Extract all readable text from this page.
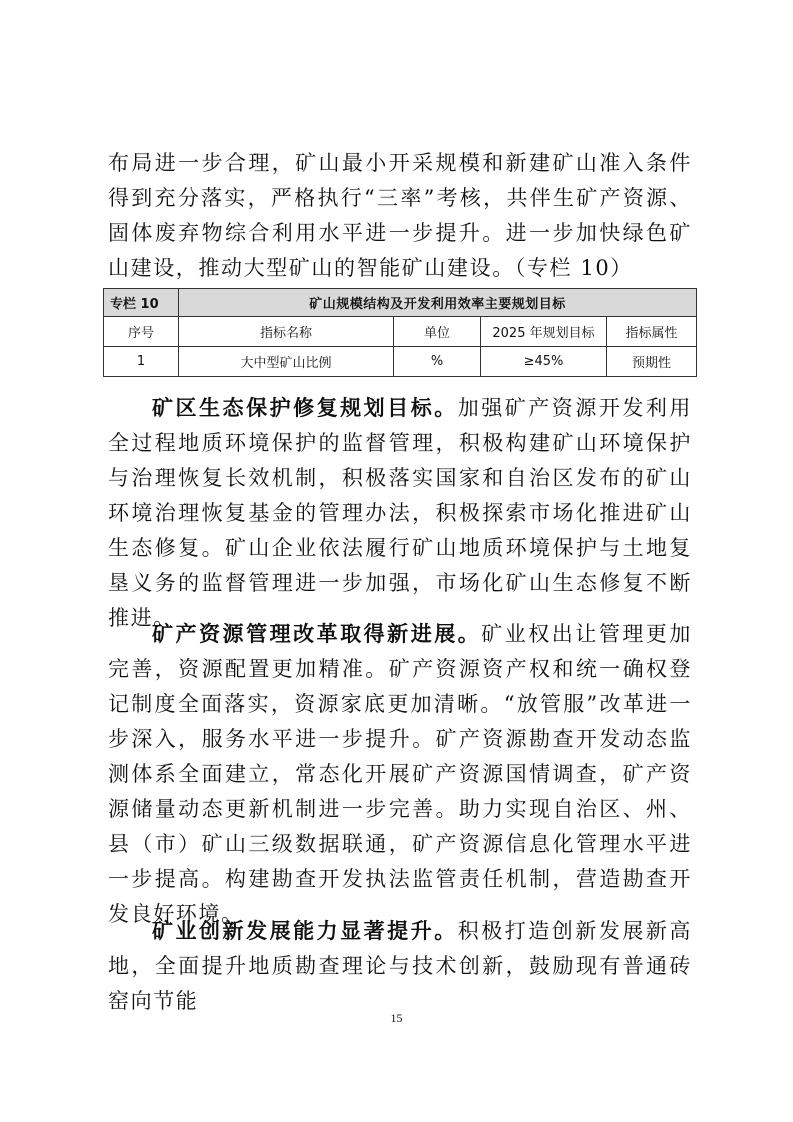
布局进一步合理，矿山最小开采规模和新建矿山准入条件得到充分落实，严格执行“三率”考核，共伴生矿产资源、固体废弃物综合利用水平进一步提升。进一步加快绿色矿山建设，推动大型矿山的智能矿山建设。（专栏 10）

专栏 10	矿山规模结构及开发利用效率主要规划目标			
序号	指标名称	单位	2025 年规划目标	指标属性
1	大中型矿山比例	%	≥45%	预期性

矿区生态保护修复规划目标。加强矿产资源开发利用全过程地质环境保护的监督管理，积极构建矿山环境保护与治理恢复长效机制，积极落实国家和自治区发布的矿山环境治理恢复基金的管理办法，积极探索市场化推进矿山生态修复。矿山企业依法履行矿山地质环境保护与土地复垦义务的监督管理进一步加强，市场化矿山生态修复不断推进。

矿产资源管理改革取得新进展。矿业权出让管理更加完善，资源配置更加精准。矿产资源资产权和统一确权登记制度全面落实，资源家底更加清晰。“放管服”改革进一步深入，服务水平进一步提升。矿产资源勘查开发动态监测体系全面建立，常态化开展矿产资源国情调查，矿产资源储量动态更新机制进一步完善。助力实现自治区、州、县（市）矿山三级数据联通，矿产资源信息化管理水平进一步提高。构建勘查开发执法监管责任机制，营造勘查开发良好环境。

矿业创新发展能力显著提升。积极打造创新发展新高地，全面提升地质勘查理论与技术创新，鼓励现有普通砖窑向节能

15
